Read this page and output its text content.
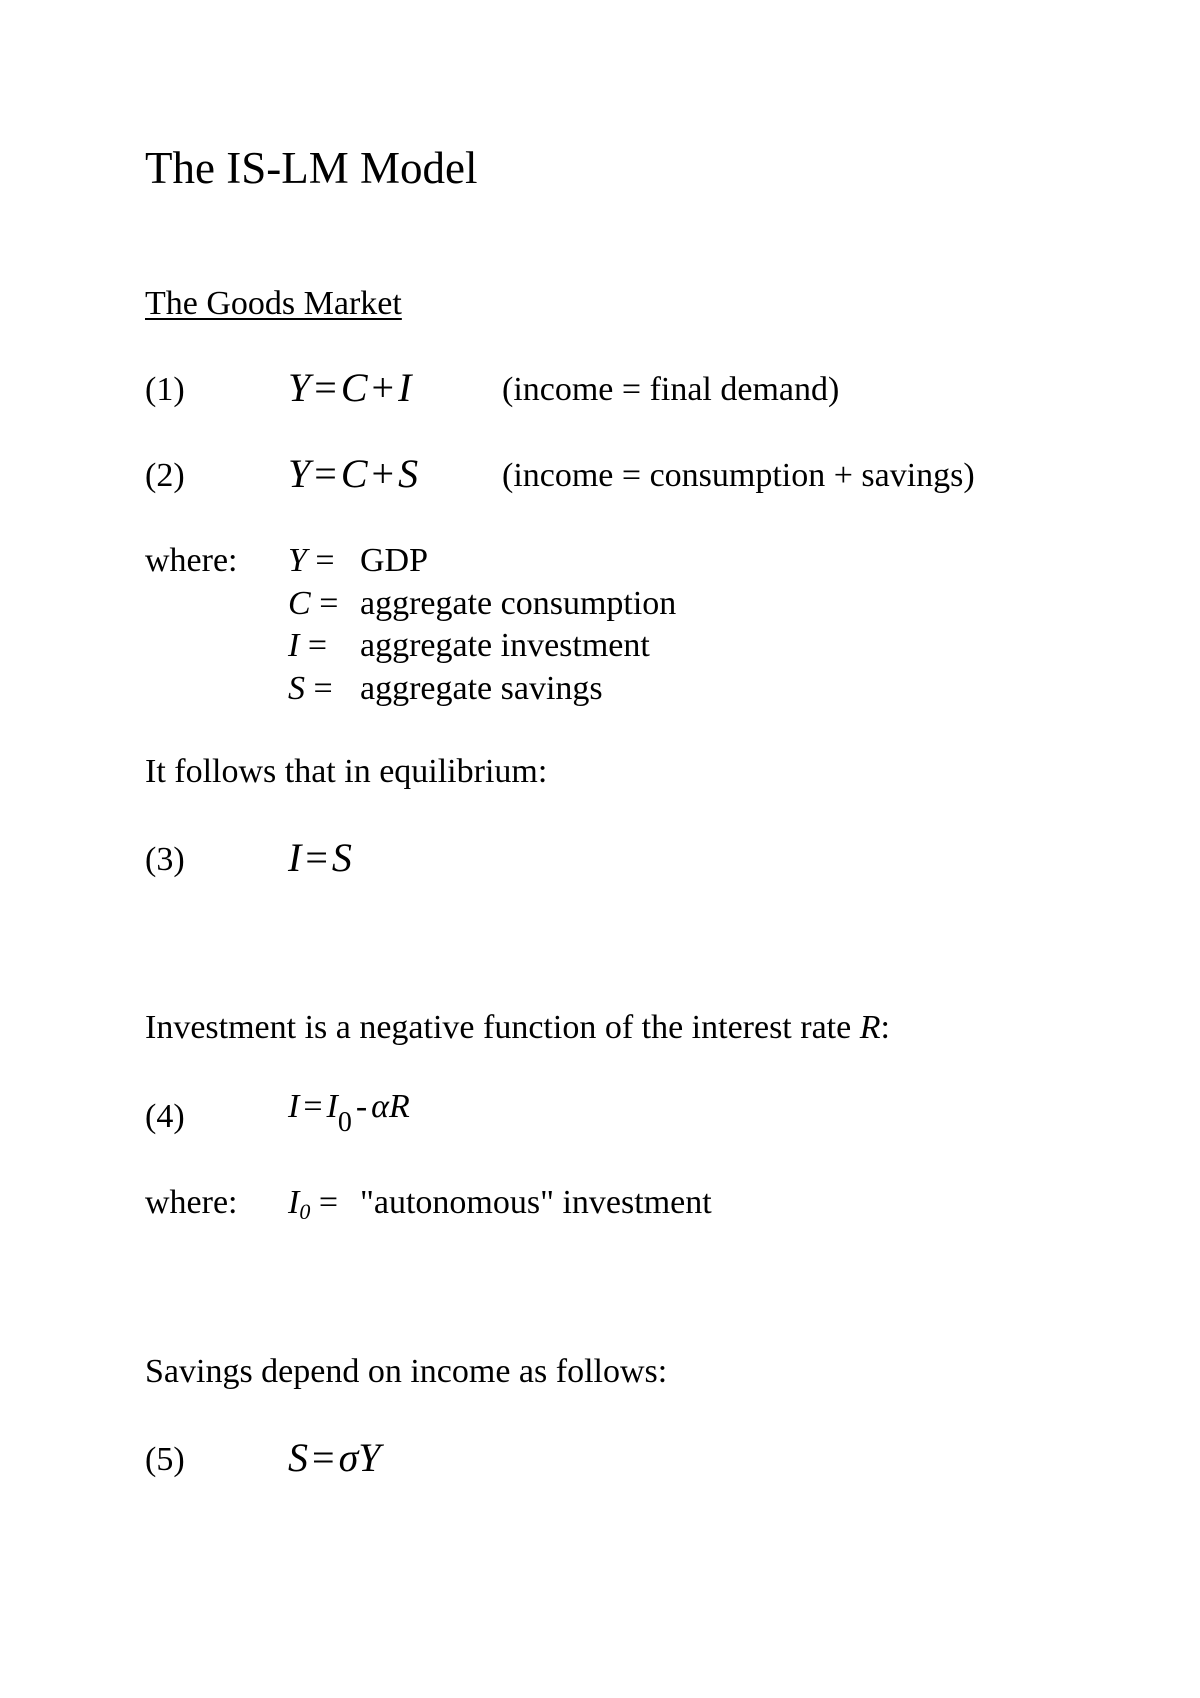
The IS-LM Model
The Goods Market
(1)	Y = C + I	(income = final demand)
(2)	Y = C + S (income = consumption + savings)
where: Y = GDP
C = aggregate consumption
I = aggregate investment
S = aggregate savings
It follows that in equilibrium:
(3)	I = S
Investment is a negative function of the interest rate R:
(4)	$I = I_0 - \alpha R$
where: I0 = "autonomous" investment
Savings depend on income as follows:
(5)	S = σY
